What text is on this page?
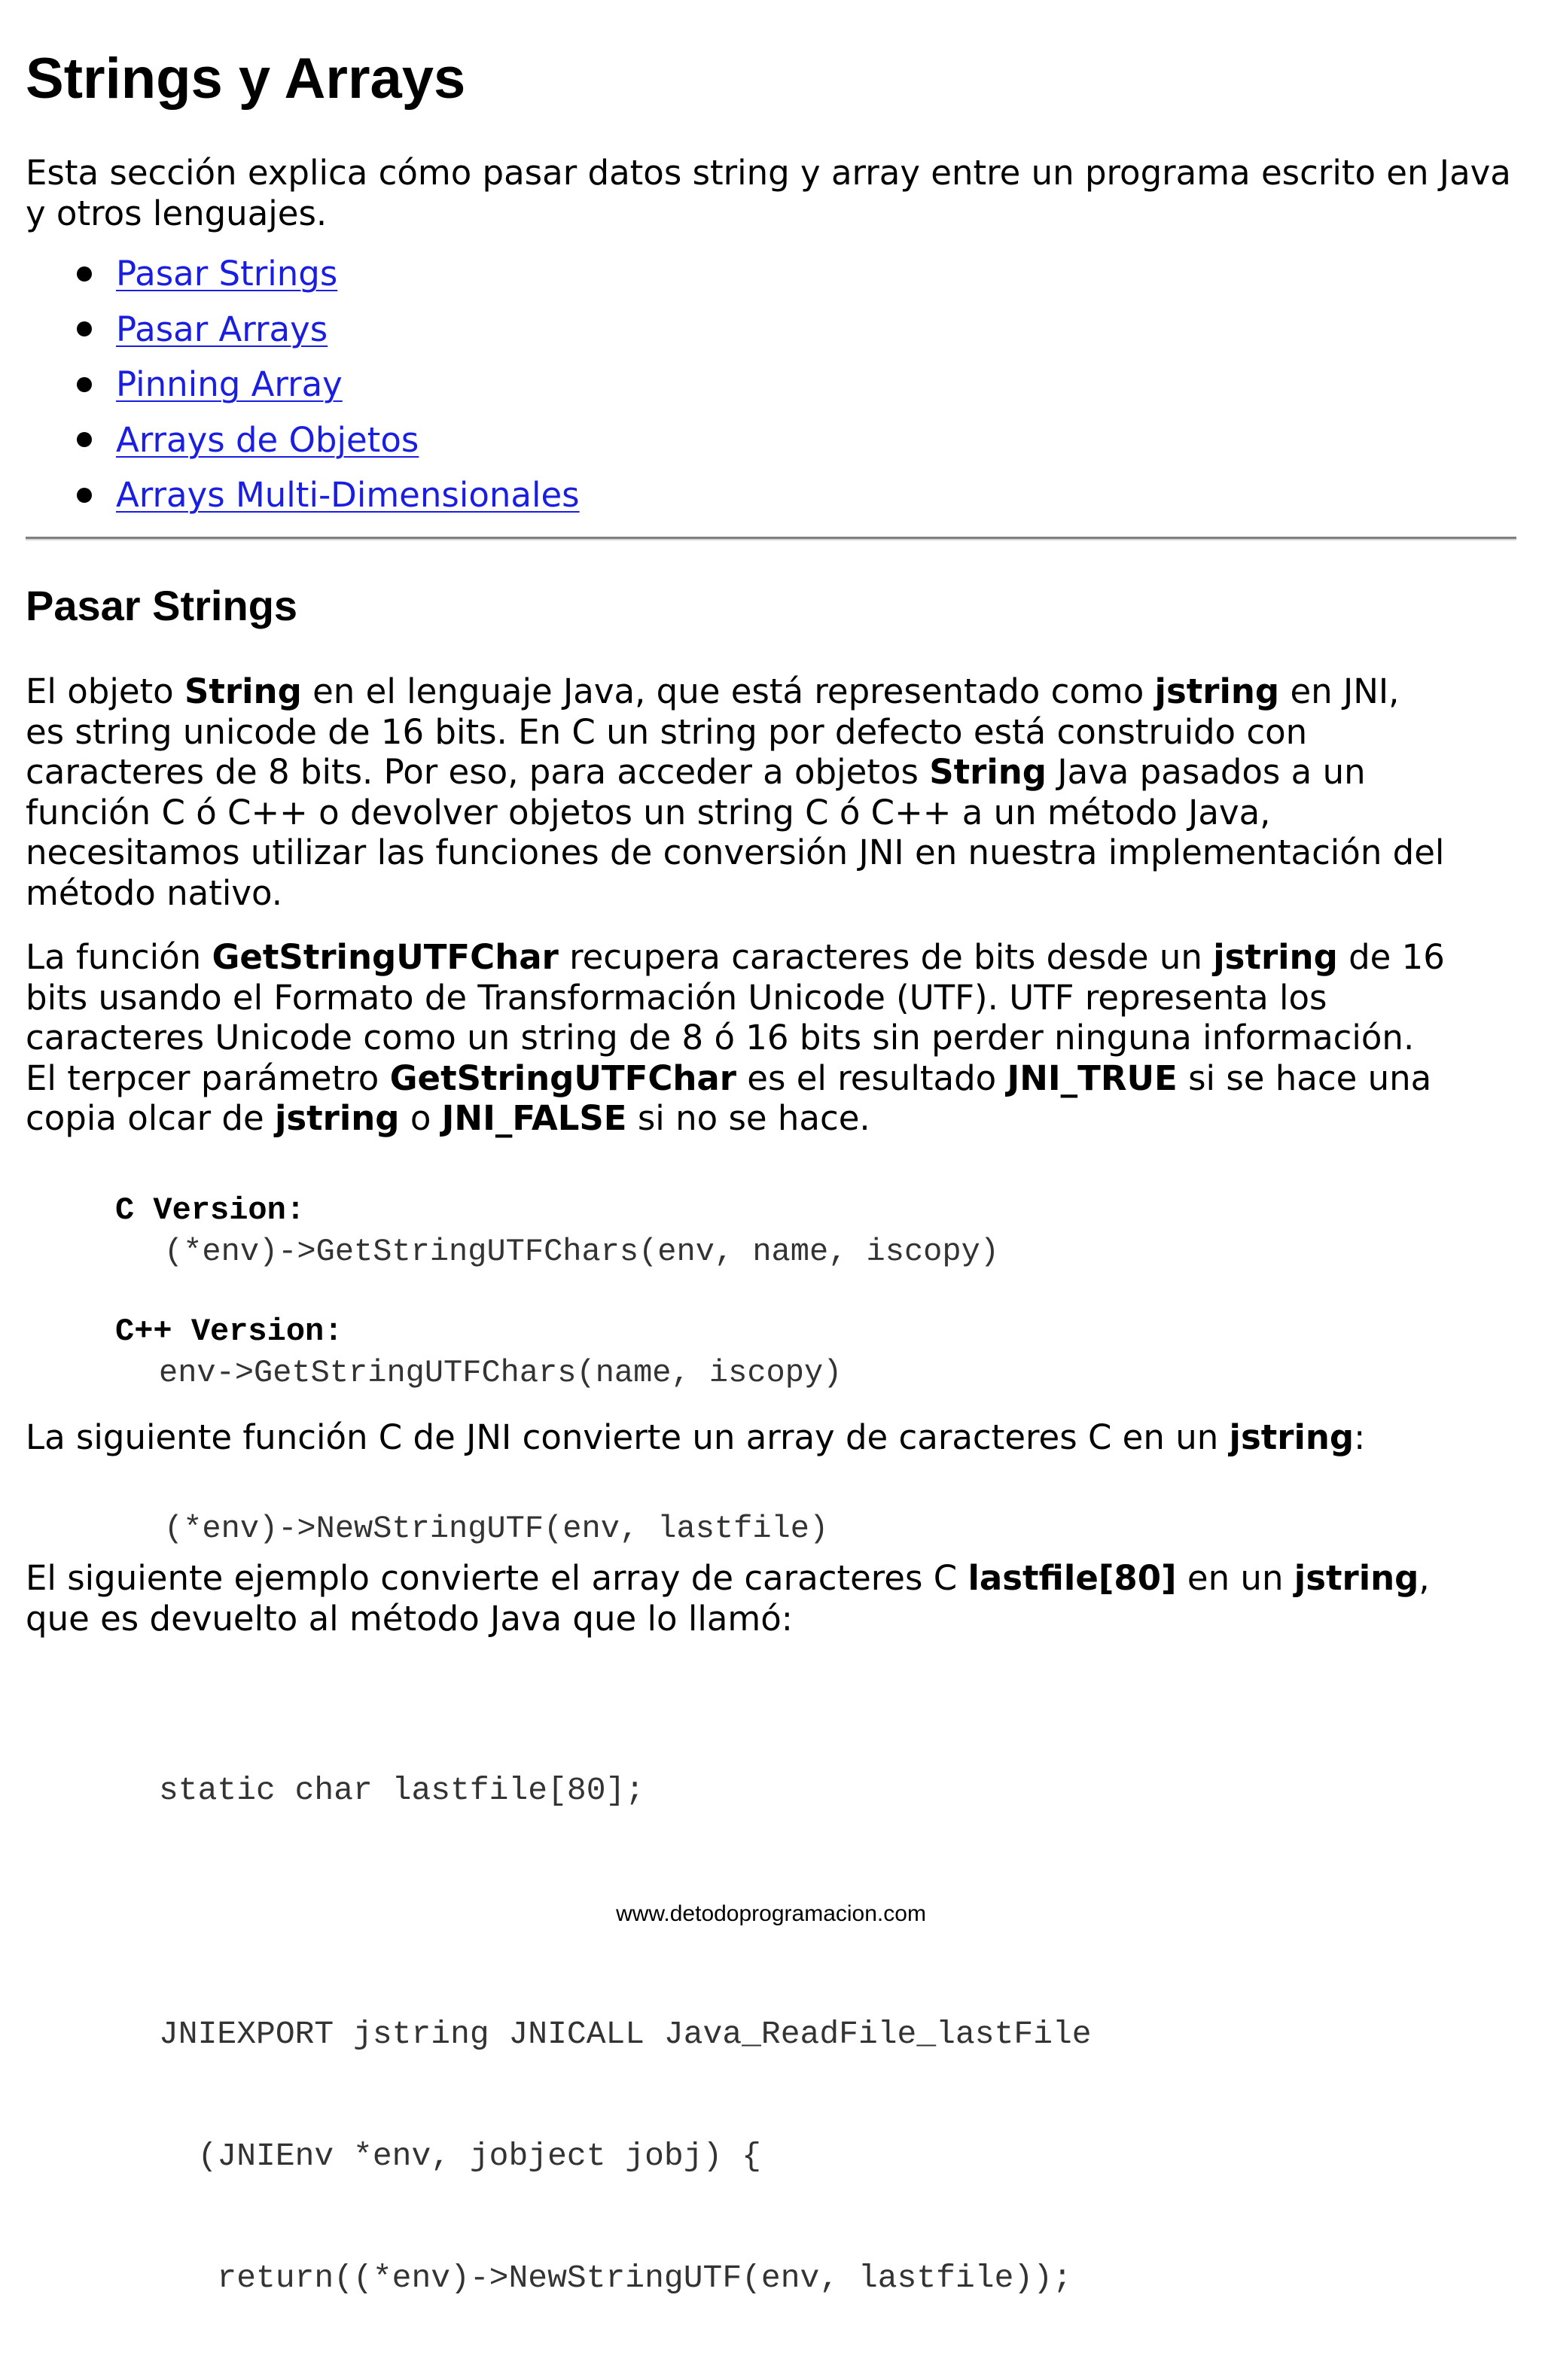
Strings y Arrays

Esta sección explica cómo pasar datos string y array entre un programa escrito en Java y otros lenguajes.

Pasar Strings
Pasar Arrays
Pinning Array
Arrays de Objetos
Arrays Multi-Dimensionales
Pasar Strings

El objeto String en el lenguaje Java, que está representado como jstring en JNI,
es string unicode de 16 bits. En C un string por defecto está construido con
caracteres de 8 bits. Por eso, para acceder a objetos String Java pasados a un
función C ó C++ o devolver objetos un string C ó C++ a un método Java,
necesitamos utilizar las funciones de conversión JNI en nuestra implementación del
método nativo.

La función GetStringUTFChar recupera caracteres de bits desde un jstring de 16
bits usando el Formato de Transformación Unicode (UTF). UTF representa los
caracteres Unicode como un string de 8 ó 16 bits sin perder ninguna información.
El terpcer parámetro GetStringUTFChar es el resultado JNI_TRUE si se hace una
copia olcar de jstring o JNI_FALSE si no se hace.

C Version:
(*env)->GetStringUTFChars(env, name, iscopy)
C++ Version:
env->GetStringUTFChars(name, iscopy)

La siguiente función C de JNI convierte un array de caracteres C en un jstring:

(*env)->NewStringUTF(env, lastfile)

El siguiente ejemplo convierte el array de caracteres C lastfile[80] en un jstring,
que es devuelto al método Java que lo llamó:

static char lastfile[80];

JNIEXPORT jstring JNICALL Java_ReadFile_lastFile

(JNIEnv *env, jobject jobj) {

return((*env)->NewStringUTF(env, lastfile));

www.detodoprogramacion.com
